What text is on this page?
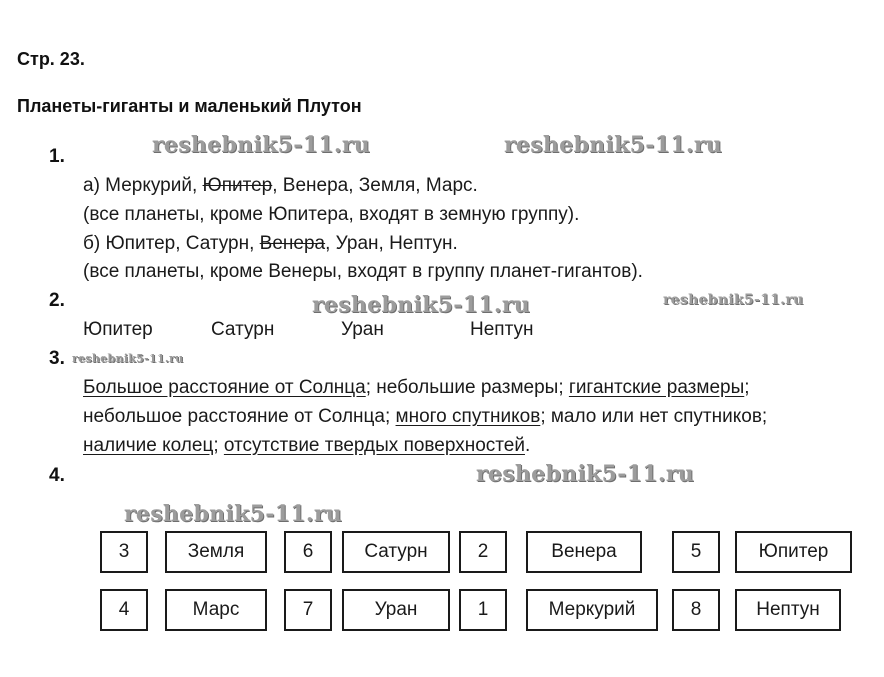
Стр. 23.
Планеты-гиганты и маленький Плутон
1.	reshebnik5-11.ru	reshebnik5-11.ru
а) Меркурий, Юпитер, Венера, Земля, Марс.
(все планеты, кроме Юпитера, входят в земную группу).
б) Юпитер, Сатурн, Венера, Уран, Нептун.
(все планеты, кроме Венеры, входят в группу планет-гигантов).
2.	reshebnik5-11.ru	reshebnik5-11.ru
Юпитер	Сатурн	Уран	Нептун
3. reshebnik5-11.ru
Большое расстояние от Солнца; небольшие размеры; гигантские размеры;
небольшое расстояние от Солнца; много спутников; мало или нет спутников;
наличие колец; отсутствие твердых поверхностей.
4.	reshebnik5-11.ru
reshebnik5-11.ru
3	Земля	6	Сатурн	2	Венера	5	Юпитер
4	Марс	7	Уран	1	Меркурий	8	Нептун
